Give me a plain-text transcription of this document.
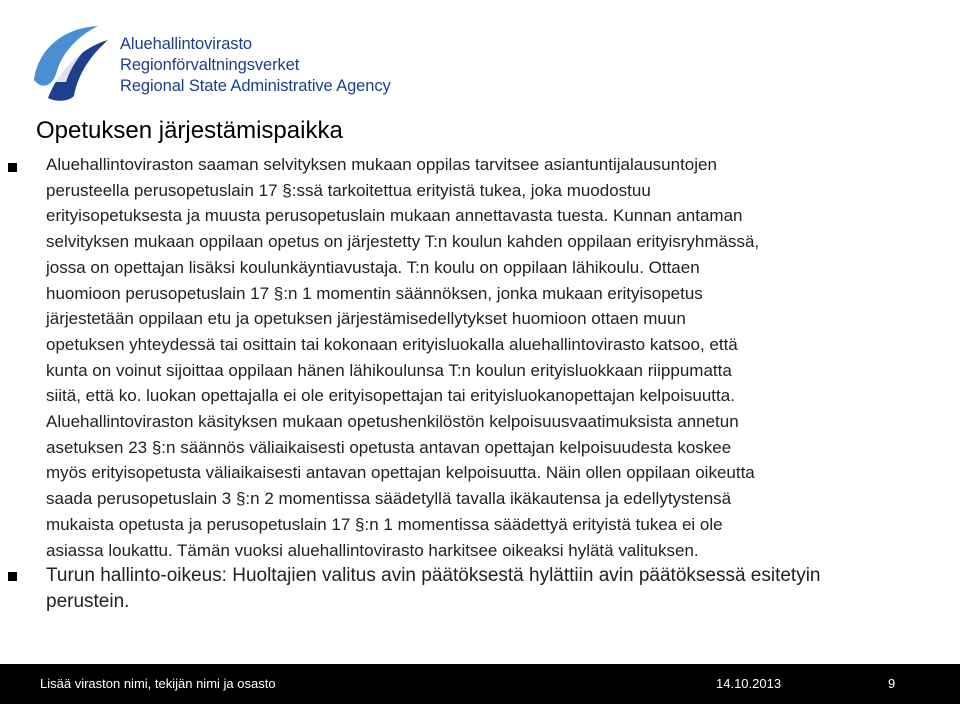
Aluehallintovirasto
Regionförvaltningsverket
Regional State Administrative Agency
Opetuksen järjestämispaikka

Aluehallintoviraston saaman selvityksen mukaan oppilas tarvitsee asiantuntijalausuntojen
perusteella perusopetuslain 17 §:ssä tarkoitettua erityistä tukea, joka muodostuu
erityisopetuksesta ja muusta perusopetuslain mukaan annettavasta tuesta. Kunnan antaman
selvityksen mukaan oppilaan opetus on järjestetty T:n koulun kahden oppilaan erityisryhmässä,
jossa on opettajan lisäksi koulunkäyntiavustaja. T:n koulu on oppilaan lähikoulu. Ottaen
huomioon perusopetuslain 17 §:n 1 momentin säännöksen, jonka mukaan erityisopetus
järjestetään oppilaan etu ja opetuksen järjestämisedellytykset huomioon ottaen muun
opetuksen yhteydessä tai osittain tai kokonaan erityisluokalla aluehallintovirasto katsoo, että
kunta on voinut sijoittaa oppilaan hänen lähikoulunsa T:n koulun erityisluokkaan riippumatta
siitä, että ko. luokan opettajalla ei ole erityisopettajan tai erityisluokanopettajan kelpoisuutta.
Aluehallintoviraston käsityksen mukaan opetushenkilöstön kelpoisuusvaatimuksista annetun
asetuksen 23 §:n säännös väliaikaisesti opetusta antavan opettajan kelpoisuudesta koskee
myös erityisopetusta väliaikaisesti antavan opettajan kelpoisuutta. Näin ollen oppilaan oikeutta
saada perusopetuslain 3 §:n 2 momentissa säädetyllä tavalla ikäkautensa ja edellytystensä
mukaista opetusta ja perusopetuslain 17 §:n 1 momentissa säädettyä erityistä tukea ei ole
asiassa loukattu. Tämän vuoksi aluehallintovirasto harkitsee oikeaksi hylätä valituksen.

Turun hallinto-oikeus: Huoltajien valitus avin päätöksestä hylättiin avin päätöksessä esitetyin
perustein.

Lisää viraston nimi, tekijän nimi ja osasto	14.10.2013	9
